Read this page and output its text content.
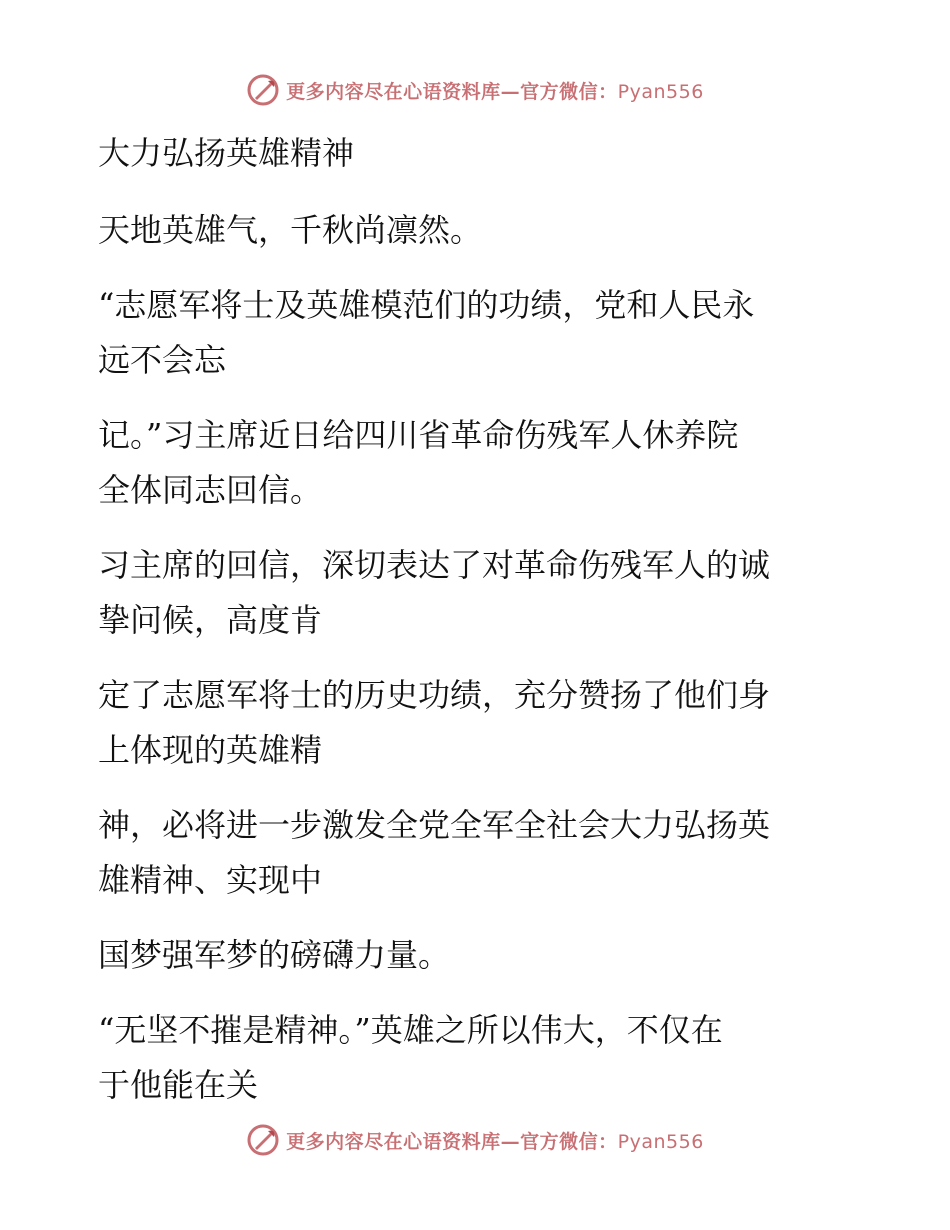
更多内容尽在心语资料库—官方微信：Pyan556
大力弘扬英雄精神
天地英雄气，千秋尚凛然。
“志愿军将士及英雄模范们的功绩，党和人民永
远不会忘
记。”习主席近日给四川省革命伤残军人休养院
全体同志回信。
习主席的回信，深切表达了对革命伤残军人的诚
挚问候，高度肯
定了志愿军将士的历史功绩，充分赞扬了他们身
上体现的英雄精
神，必将进一步激发全党全军全社会大力弘扬英
雄精神、实现中
国梦强军梦的磅礴力量。
“无坚不摧是精神。”英雄之所以伟大，不仅在
于他能在关
更多内容尽在心语资料库—官方微信：Pyan556
